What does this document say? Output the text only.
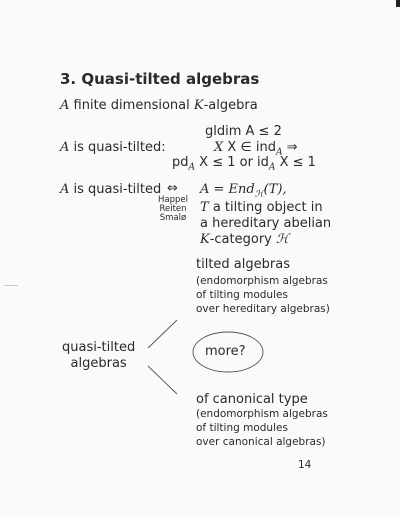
3. Quasi-tilted algebras
A finite dimensional K-algebra
A is quasi-tilted:
gldim A ≤ 2
X X ∈ ind$_A$ ⇒
$pd_A$ X ≤ 1 or $id_A$ X ≤ 1
A is quasi-tilted ⇔
Happel
Reiten
Smalø
A = End$_ℋ$(T),
T a tilting object in
a hereditary abelian
K-category ℋ
tilted algebras
(endomorphism algebras
of tilting modules
over hereditary algebras)
quasi-tilted
algebras
more?
of canonical type
(endomorphism algebras
of tilting modules
over canonical algebras)
14
